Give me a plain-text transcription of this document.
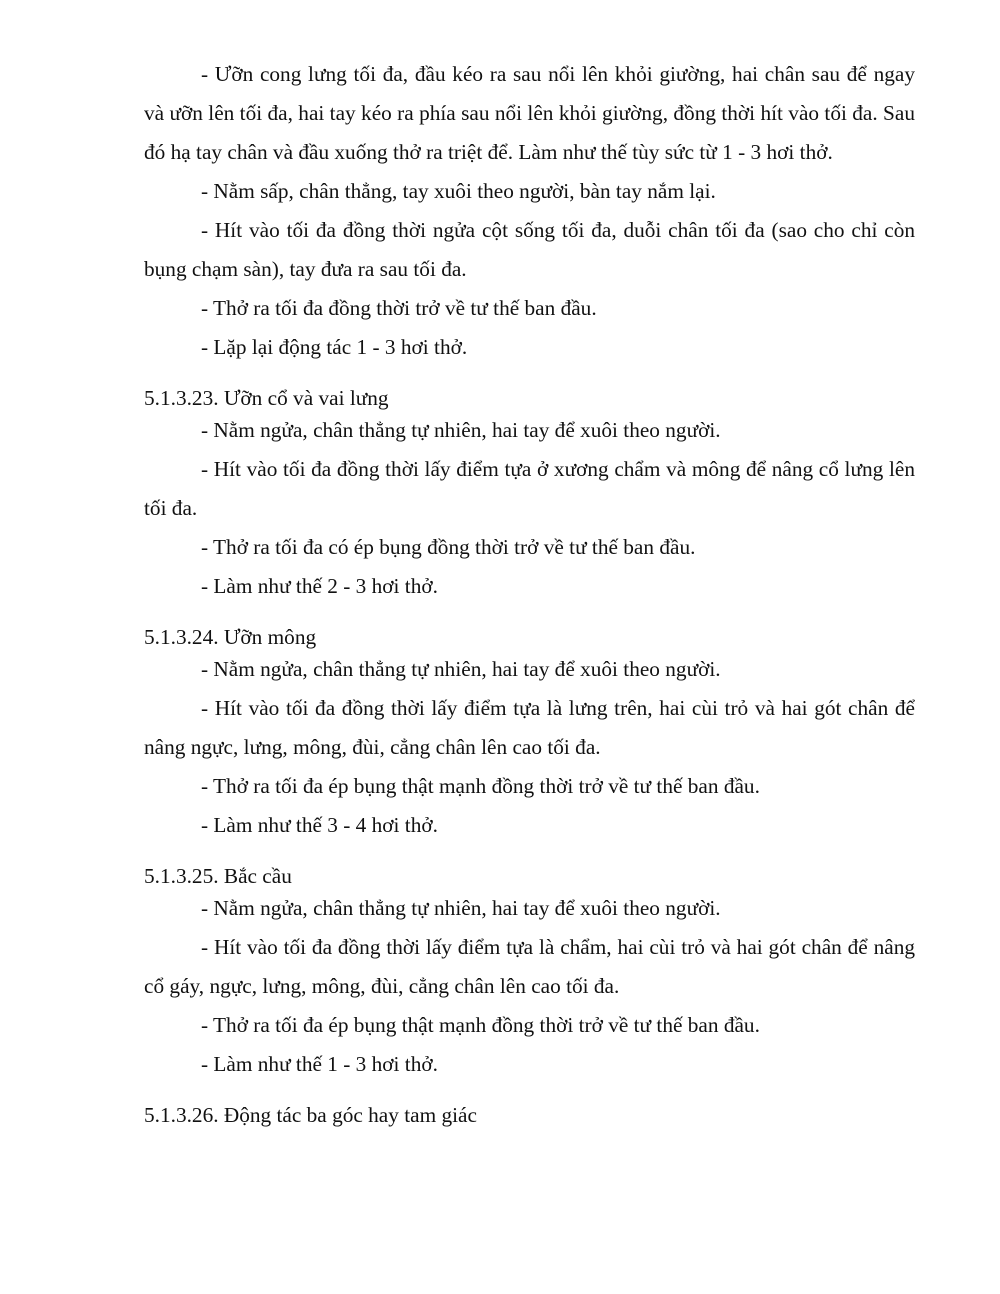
- Ưỡn cong lưng tối đa, đầu kéo ra sau nổi lên khỏi giường, hai chân sau để ngay và ưỡn lên tối đa, hai tay kéo ra phía sau nổi lên khỏi giường, đồng thời hít vào tối đa. Sau đó hạ tay chân và đầu xuống thở ra triệt để. Làm như thế tùy sức từ 1 - 3 hơi thở.

- Nằm sấp, chân thẳng, tay xuôi theo người, bàn tay nắm lại.

- Hít vào tối đa đồng thời ngửa cột sống tối đa, duỗi chân tối đa (sao cho chỉ còn bụng chạm sàn), tay đưa ra sau tối đa.

- Thở ra tối đa đồng thời trở về tư thế ban đầu.

- Lặp lại động tác 1 - 3 hơi thở.

5.1.3.23. Ưỡn cổ và vai lưng

- Nằm ngửa, chân thẳng tự nhiên, hai tay để xuôi theo người.

- Hít vào tối đa đồng thời lấy điểm tựa ở xương chẩm và mông để nâng cổ lưng lên tối đa.

- Thở ra tối đa có ép bụng đồng thời trở về tư thế ban đầu.

- Làm như thế 2 - 3 hơi thở.

5.1.3.24. Ưỡn mông

- Nằm ngửa, chân thẳng tự nhiên, hai tay để xuôi theo người.

- Hít vào tối đa đồng thời lấy điểm tựa là lưng trên, hai cùi trỏ và hai gót chân để nâng ngực, lưng, mông, đùi, cẳng chân lên cao tối đa.

- Thở ra tối đa ép bụng thật mạnh đồng thời trở về tư thế ban đầu.

- Làm như thế 3 - 4 hơi thở.

5.1.3.25. Bắc cầu

- Nằm ngửa, chân thẳng tự nhiên, hai tay để xuôi theo người.

- Hít vào tối đa đồng thời lấy điểm tựa là chẩm, hai cùi trỏ và hai gót chân để nâng cổ gáy, ngực, lưng, mông, đùi, cẳng chân lên cao tối đa.

- Thở ra tối đa ép bụng thật mạnh đồng thời trở về tư thế ban đầu.

- Làm như thế 1 - 3 hơi thở.

5.1.3.26. Động tác ba góc hay tam giác
